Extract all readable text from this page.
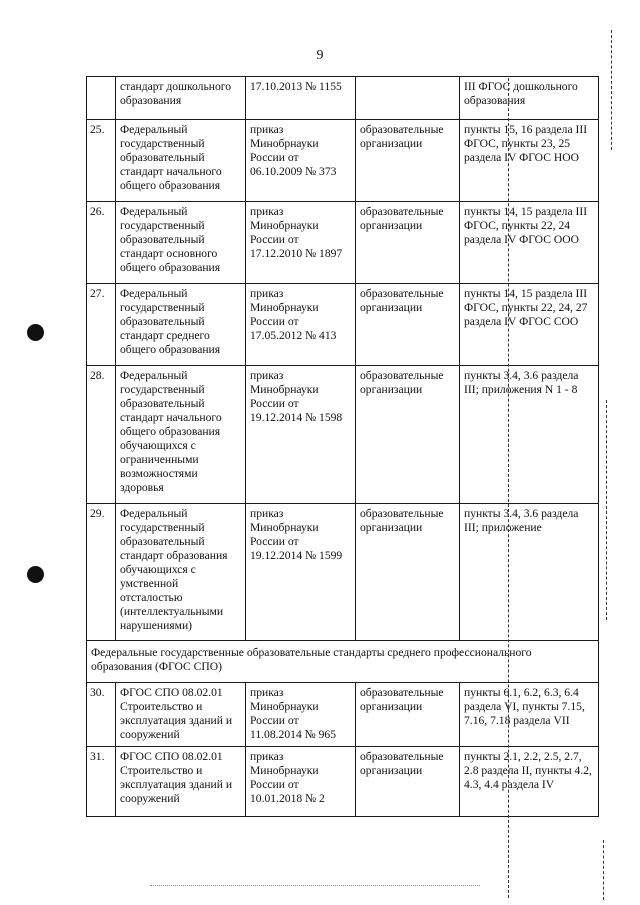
9
	стандарт дошкольного образования	17.10.2013 № 1155		III ФГОС дошкольного образования
25.	Федеральный государственный образовательный стандарт начального общего образования	приказ Минобрнауки России от 06.10.2009 № 373	образовательные организации	пункты 15, 16 раздела III ФГОС, пункты 23, 25 раздела IV ФГОС НОО
26.	Федеральный государственный образовательный стандарт основного общего образования	приказ Минобрнауки России от 17.12.2010 № 1897	образовательные организации	пункты 14, 15 раздела III ФГОС, пункты 22, 24 раздела IV ФГОС ООО
27.	Федеральный государственный образовательный стандарт среднего общего образования	приказ Минобрнауки России от 17.05.2012 № 413	образовательные организации	пункты 14, 15 раздела III ФГОС, пункты 22, 24, 27 раздела IV ФГОС СОО
28.	Федеральный государственный образовательный стандарт начального общего образования обучающихся с ограниченными возможностями здоровья	приказ Минобрнауки России от 19.12.2014 № 1598	образовательные организации	пункты 3.4, 3.6 раздела III; приложения N 1 - 8
29.	Федеральный государственный образовательный стандарт образования обучающихся с умственной отсталостью (интеллектуальными нарушениями)	приказ Минобрнауки России от 19.12.2014 № 1599	образовательные организации	пункты 3.4, 3.6 раздела III; приложение
Федеральные государственные образовательные стандарты среднего профессионального образования (ФГОС СПО)				
30.	ФГОС СПО 08.02.01 Строительство и эксплуатация зданий и сооружений	приказ Минобрнауки России от 11.08.2014 № 965	образовательные организации	пункты 6.1, 6.2, 6.3, 6.4 раздела VI, пункты 7.15, 7.16, 7.18 раздела VII
31.	ФГОС СПО 08.02.01 Строительство и эксплуатация зданий и сооружений	приказ Минобрнауки России от 10.01.2018 № 2	образовательные организации	пункты 2.1, 2.2, 2.5, 2.7, 2.8 раздела II, пункты 4.2, 4.3, 4.4 раздела IV
